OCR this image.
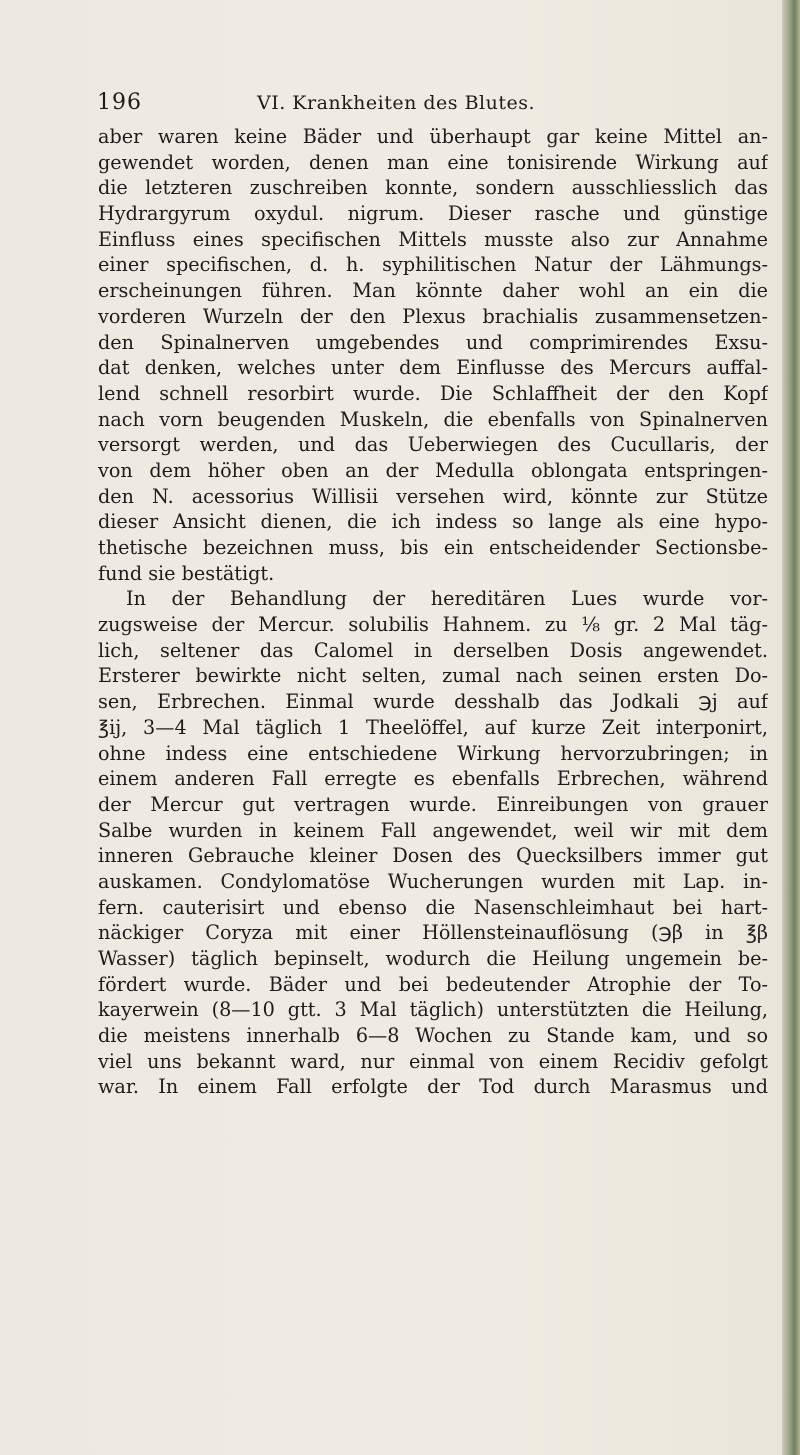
196	VI. Krankheiten des Blutes.
aber waren keine Bäder und überhaupt gar keine Mittel an-
gewendet worden, denen man eine tonisirende Wirkung auf
die letzteren zuschreiben konnte, sondern ausschliesslich das
Hydrargyrum oxydul. nigrum. Dieser rasche und günstige
Einfluss eines specifischen Mittels musste also zur Annahme
einer specifischen, d. h. syphilitischen Natur der Lähmungs-
erscheinungen führen. Man könnte daher wohl an ein die
vorderen Wurzeln der den Plexus brachialis zusammensetzen-
den Spinalnerven umgebendes und comprimirendes Exsu-
dat denken, welches unter dem Einflusse des Mercurs auffal-
lend schnell resorbirt wurde. Die Schlaffheit der den Kopf
nach vorn beugenden Muskeln, die ebenfalls von Spinalnerven
versorgt werden, und das Ueberwiegen des Cucullaris, der
von dem höher oben an der Medulla oblongata entspringen-
den N. acessorius Willisii versehen wird, könnte zur Stütze
dieser Ansicht dienen, die ich indess so lange als eine hypo-
thetische bezeichnen muss, bis ein entscheidender Sectionsbe-
fund sie bestätigt.
In der Behandlung der hereditären Lues wurde vor-
zugsweise der Mercur. solubilis Hahnem. zu ⅛ gr. 2 Mal täg-
lich, seltener das Calomel in derselben Dosis angewendet.
Ersterer bewirkte nicht selten, zumal nach seinen ersten Do-
sen, Erbrechen. Einmal wurde desshalb das Jodkali ℈j auf
℥ij, 3—4 Mal täglich 1 Theelöffel, auf kurze Zeit interponirt,
ohne indess eine entschiedene Wirkung hervorzubringen; in
einem anderen Fall erregte es ebenfalls Erbrechen, während
der Mercur gut vertragen wurde. Einreibungen von grauer
Salbe wurden in keinem Fall angewendet, weil wir mit dem
inneren Gebrauche kleiner Dosen des Quecksilbers immer gut
auskamen. Condylomatöse Wucherungen wurden mit Lap. in-
fern. cauterisirt und ebenso die Nasenschleimhaut bei hart-
näckiger Coryza mit einer Höllensteinauflösung (℈β in ℥β
Wasser) täglich bepinselt, wodurch die Heilung ungemein be-
fördert wurde. Bäder und bei bedeutender Atrophie der To-
kayerwein (8—10 gtt. 3 Mal täglich) unterstützten die Heilung,
die meistens innerhalb 6—8 Wochen zu Stande kam, und so
viel uns bekannt ward, nur einmal von einem Recidiv gefolgt
war. In einem Fall erfolgte der Tod durch Marasmus und
